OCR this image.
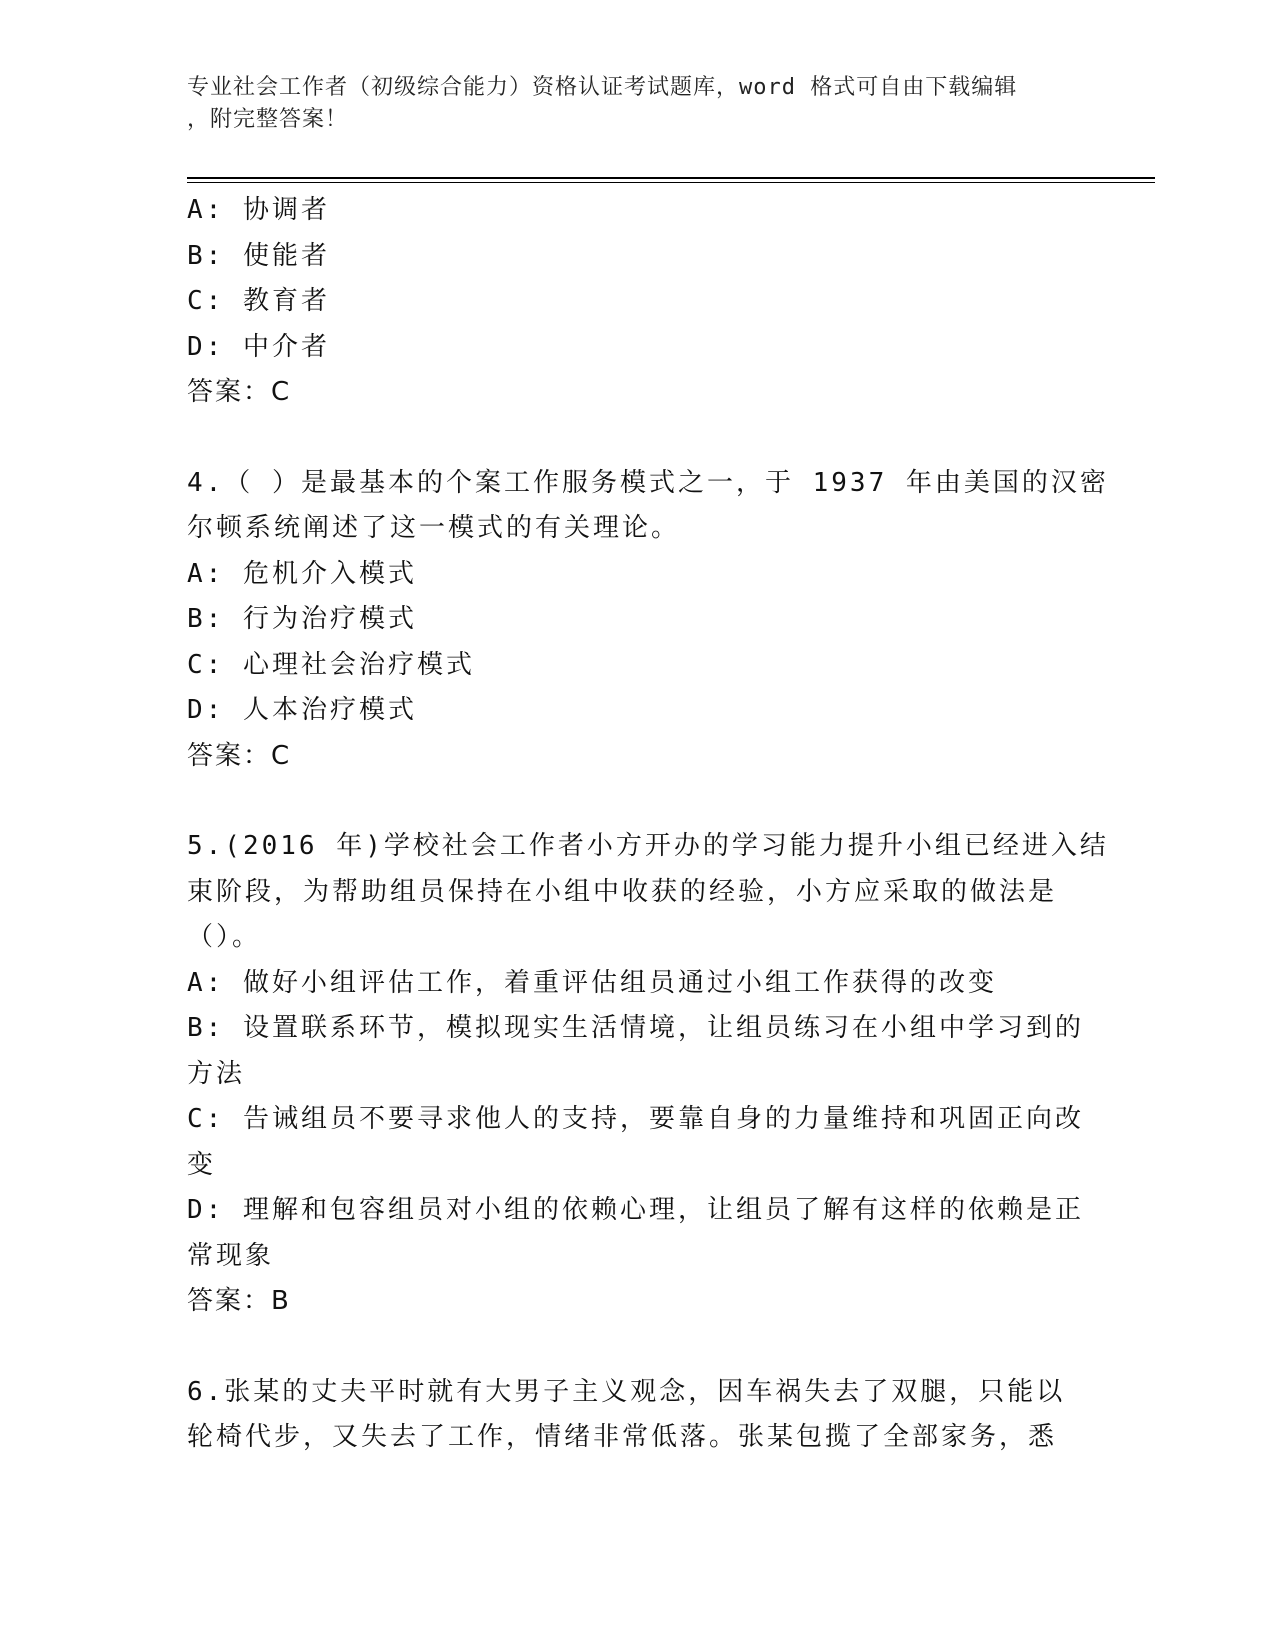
专业社会工作者（初级综合能力）资格认证考试题库，word 格式可自由下载编辑
，附完整答案！
A: 协调者
B: 使能者
C: 教育者
D: 中介者
答案：C
4.（ ）是最基本的个案工作服务模式之一，于 1937 年由美国的汉密
尔顿系统阐述了这一模式的有关理论。
A: 危机介入模式
B: 行为治疗模式
C: 心理社会治疗模式
D: 人本治疗模式
答案：C
5.(2016 年)学校社会工作者小方开办的学习能力提升小组已经进入结
束阶段，为帮助组员保持在小组中收获的经验，小方应采取的做法是
（）。
A: 做好小组评估工作，着重评估组员通过小组工作获得的改变
B: 设置联系环节，模拟现实生活情境，让组员练习在小组中学习到的
方法
C: 告诫组员不要寻求他人的支持，要靠自身的力量维持和巩固正向改
变
D: 理解和包容组员对小组的依赖心理，让组员了解有这样的依赖是正
常现象
答案：B
6.张某的丈夫平时就有大男子主义观念，因车祸失去了双腿，只能以
轮椅代步，又失去了工作，情绪非常低落。张某包揽了全部家务，悉
